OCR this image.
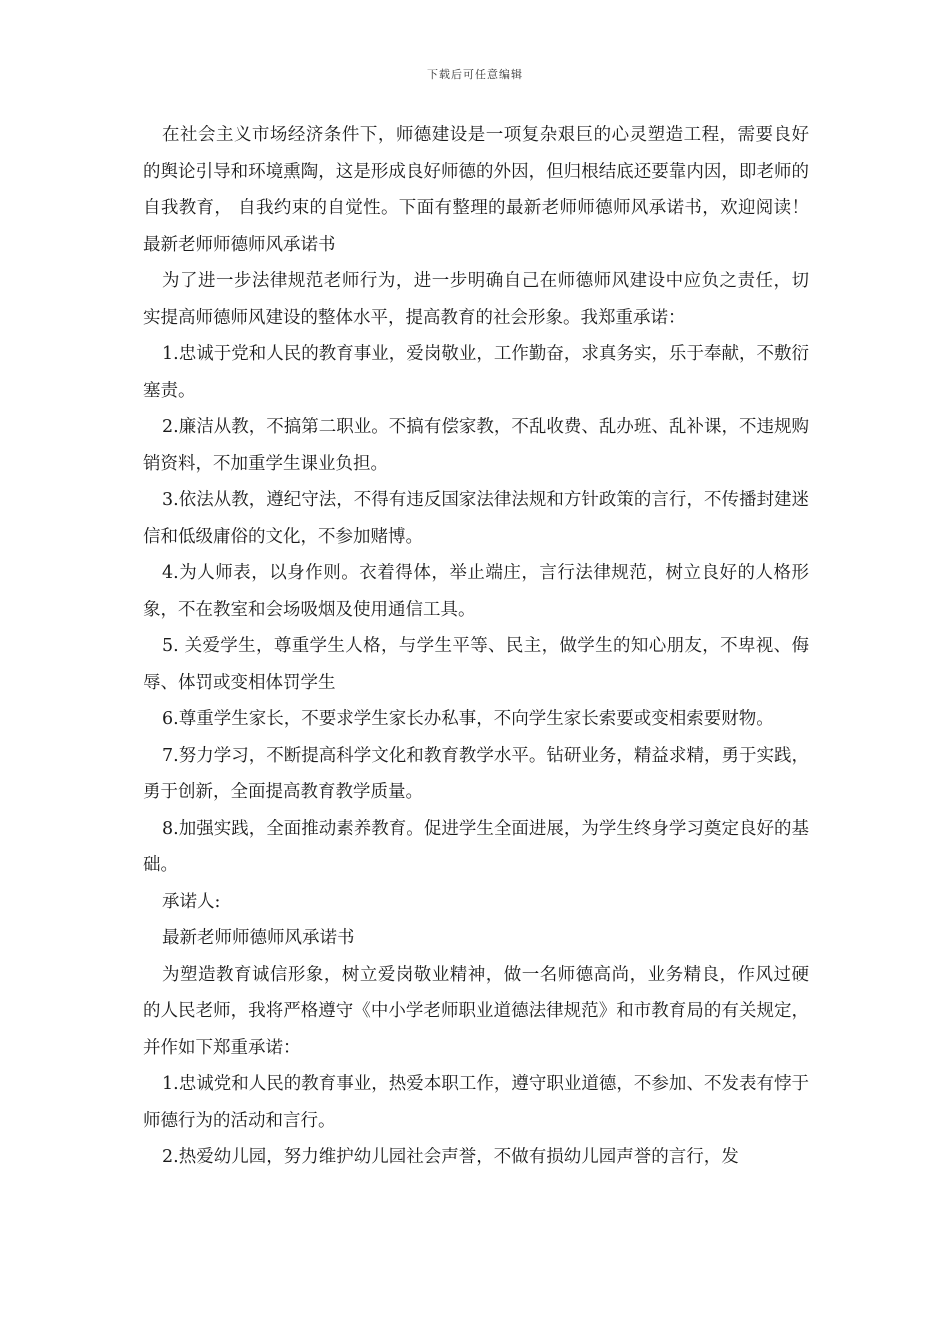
下载后可任意编辑

在社会主义市场经济条件下，师德建设是一项复杂艰巨的心灵塑造工程，需要良好的舆论引导和环境熏陶，这是形成良好师德的外因，但归根结底还要靠内因，即老师的自我教育， 自我约束的自觉性。下面有整理的最新老师师德师风承诺书，欢迎阅读！ 最新老师师德师风承诺书

为了进一步法律规范老师行为，进一步明确自己在师德师风建设中应负之责任，切实提高师德师风建设的整体水平，提高教育的社会形象。我郑重承诺：

1.忠诚于党和人民的教育事业，爱岗敬业，工作勤奋，求真务实，乐于奉献，不敷衍塞责。

2.廉洁从教，不搞第二职业。不搞有偿家教，不乱收费、乱办班、乱补课，不违规购销资料，不加重学生课业负担。

3.依法从教，遵纪守法，不得有违反国家法律法规和方针政策的言行，不传播封建迷信和低级庸俗的文化，不参加赌博。

4.为人师表，以身作则。衣着得体，举止端庄，言行法律规范，树立良好的人格形象，不在教室和会场吸烟及使用通信工具。

5. 关爱学生，尊重学生人格，与学生平等、民主，做学生的知心朋友，不卑视、侮辱、体罚或变相体罚学生

6.尊重学生家长，不要求学生家长办私事，不向学生家长索要或变相索要财物。

7.努力学习，不断提高科学文化和教育教学水平。钻研业务，精益求精，勇于实践，勇于创新，全面提高教育教学质量。

8.加强实践，全面推动素养教育。促进学生全面进展，为学生终身学习奠定良好的基础。

承诺人:

最新老师师德师风承诺书

为塑造教育诚信形象，树立爱岗敬业精神，做一名师德高尚，业务精良，作风过硬的人民老师，我将严格遵守《中小学老师职业道德法律规范》和市教育局的有关规定，并作如下郑重承诺：

1.忠诚党和人民的教育事业，热爱本职工作，遵守职业道德，不参加、不发表有悖于师德行为的活动和言行。

2.热爱幼儿园，努力维护幼儿园社会声誉，不做有损幼儿园声誉的言行，发
